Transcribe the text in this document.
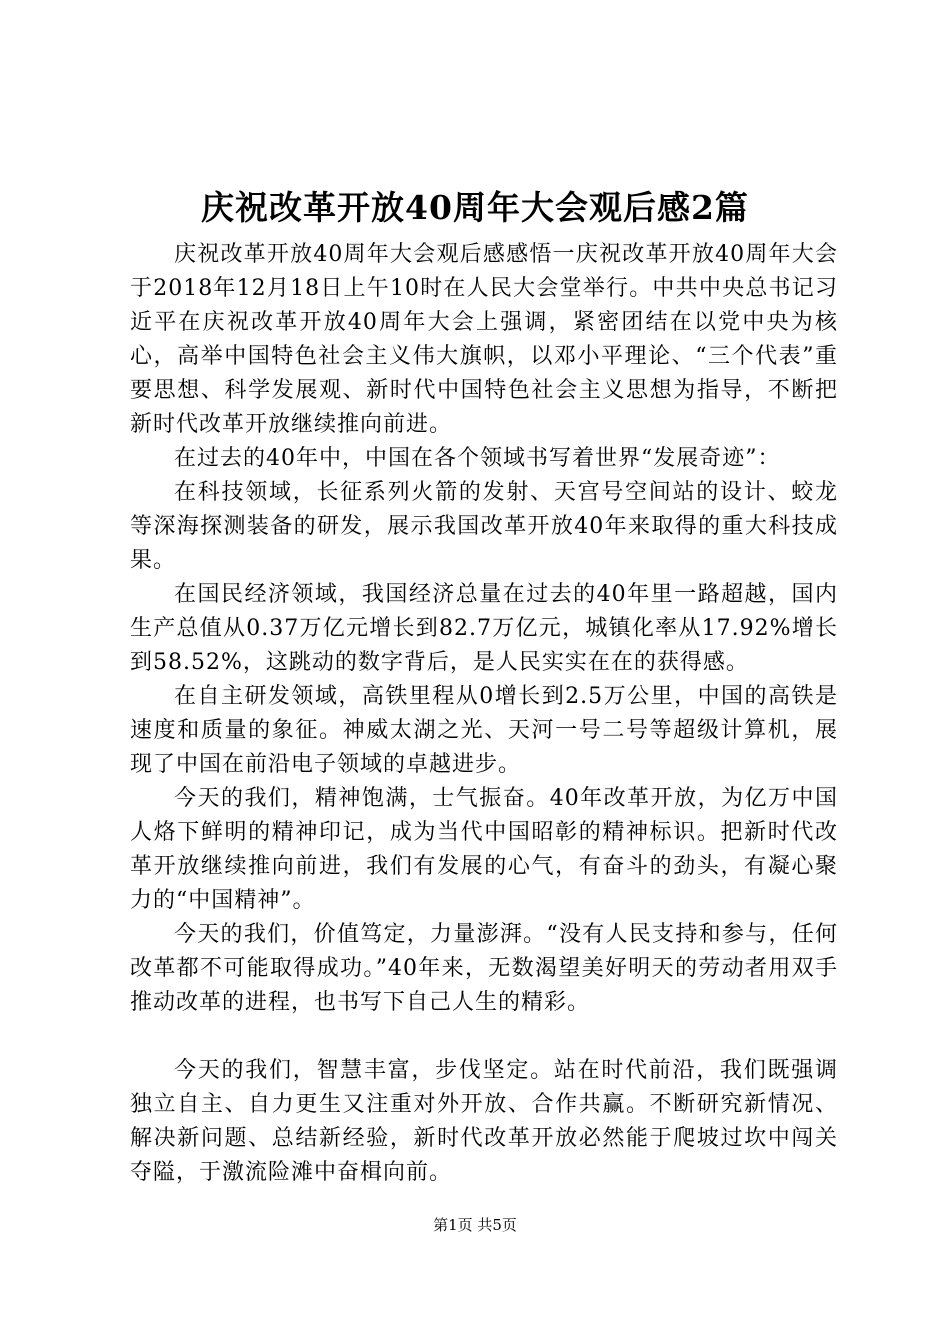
庆祝改革开放40周年大会观后感2篇

庆祝改革开放40周年大会观后感感悟一庆祝改革开放40周年大会于2018年12月18日上午10时在人民大会堂举行。中共中央总书记习近平在庆祝改革开放40周年大会上强调，紧密团结在以党中央为核心，高举中国特色社会主义伟大旗帜，以邓小平理论、“三个代表”重要思想、科学发展观、新时代中国特色社会主义思想为指导，不断把新时代改革开放继续推向前进。

在过去的40年中，中国在各个领域书写着世界“发展奇迹”：

在科技领域，长征系列火箭的发射、天宫号空间站的设计、蛟龙等深海探测装备的研发，展示我国改革开放40年来取得的重大科技成果。

在国民经济领域，我国经济总量在过去的40年里一路超越，国内生产总值从0.37万亿元增长到82.7万亿元，城镇化率从17.92%增长到58.52%，这跳动的数字背后，是人民实实在在的获得感。

在自主研发领域，高铁里程从0增长到2.5万公里，中国的高铁是速度和质量的象征。神威太湖之光、天河一号二号等超级计算机，展现了中国在前沿电子领域的卓越进步。

今天的我们，精神饱满，士气振奋。40年改革开放，为亿万中国人烙下鲜明的精神印记，成为当代中国昭彰的精神标识。把新时代改革开放继续推向前进，我们有发展的心气，有奋斗的劲头，有凝心聚力的“中国精神”。

今天的我们，价值笃定，力量澎湃。“没有人民支持和参与，任何改革都不可能取得成功。”40年来，无数渴望美好明天的劳动者用双手推动改革的进程，也书写下自己人生的精彩。

今天的我们，智慧丰富，步伐坚定。站在时代前沿，我们既强调独立自主、自力更生又注重对外开放、合作共赢。不断研究新情况、解决新问题、总结新经验，新时代改革开放必然能于爬坡过坎中闯关夺隘，于激流险滩中奋楫向前。

第1页 共5页
